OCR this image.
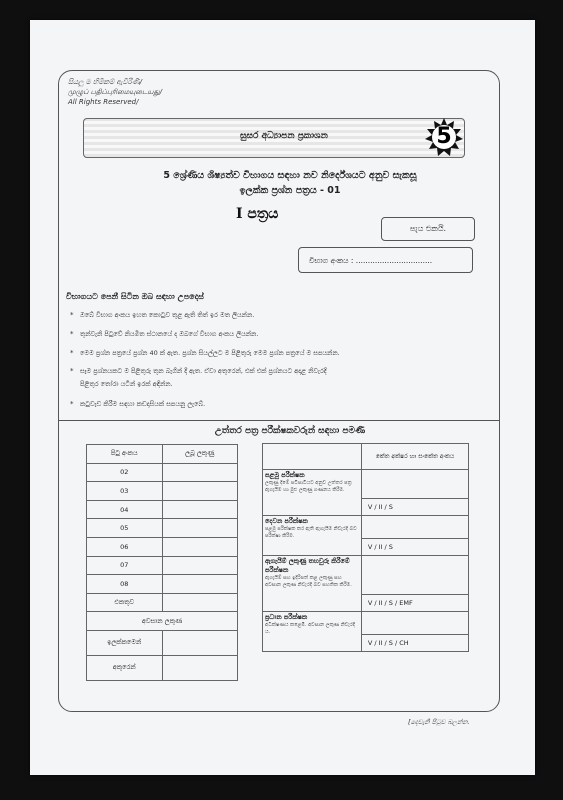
සියලු ම හිමිකම් ඇවිරිණි/
முழுப் பதிப்புரிமையுடையது/
All Rights Reserved/
සුසර අධ්‍යාපන ප්‍රකාශන	5
5 ශ්‍රේණිය ශිෂ්‍යත්ව විභාගය සඳහා නව නිර්දේශයට අනුව සැකසූ
ඉලක්ක ප්‍රශ්න පත්‍රය - 01
I පත්‍රය
පැය එකයි.
විභාග අංකය : ................................
විභාගයට පෙනී සිටින ඔබ සඳහා උපදෙස්
* ඔබේ විභාග අංකය ඉහත කොටුව තුළ ඇති තිත් ඉර මත ලියන්න.
* තුන්වැනි පිටුවේ නියමිත ස්ථානයේ ද ඔබගේ විභාග අංකය ලියන්න.
* මෙම ප්‍රශ්න පත්‍රයේ ප්‍රශ්න 40 ක් ඇත. ප්‍රශ්න සියල්ලට ම පිළිතුරු මෙම ප්‍රශ්න පත්‍රයේ ම සපයන්න.
* සෑම ප්‍රශ්නයකට ම පිළිතුරු තුන බැගින් දී ඇත. ඒවා අතුරෙන්, එක් එක් ප්‍රශ්නයට අදාළ නිවැරදි
පිළිතුර තෝරා යටින් ඉරක් අඳින්න.
* කටුවැඩ කිරීම සඳහා කඩදාසියක් සපයනු ලැබේ.
උත්තර පත්‍ර පරීක්ෂකවරුන් සඳහා පමණි
පිටු අංකය	ලබූ ලකුණු
02	
03	
04	
05	
06	
07	
08	
එකතුව	
අවසාන ලකුණ	
ඉලක්කමෙන්	
අකුරෙන්	
	කේත අක්ෂර හා සංකේත අංකය

පළමු පරීක්ෂක
ලකුණු දීමේ පටිපාටියට අනුව උත්තර පත්‍ර ඇගැයීම හා මුළු ලකුණු ගණනය කිරීම.	

	V / II / S

දෙවන පරීක්ෂක
පළමු පරීක්ෂක කර ඇති ඇගැයීම නිවැරදි බව පරීක්ෂා කිරීම.	

	V / II / S

ඇගැයීම් ලකුණු තහවුරු කිරීමේ පරීක්ෂක
ඇගැයීම් සහ ඉදිරිපත් කළ ලකුණු සහ අවසාන ලකුණ නිවැරදි බව සහතික කිරීම.	

	V / II / S / EMF

ප්‍රධාන පරීක්ෂක
අධීක්ෂණය කළෙමි. අවසාන ලකුණ නිවැරදි ය.	

	V / II / S / CH
[දෙවැනි පිටුව බලන්න.
